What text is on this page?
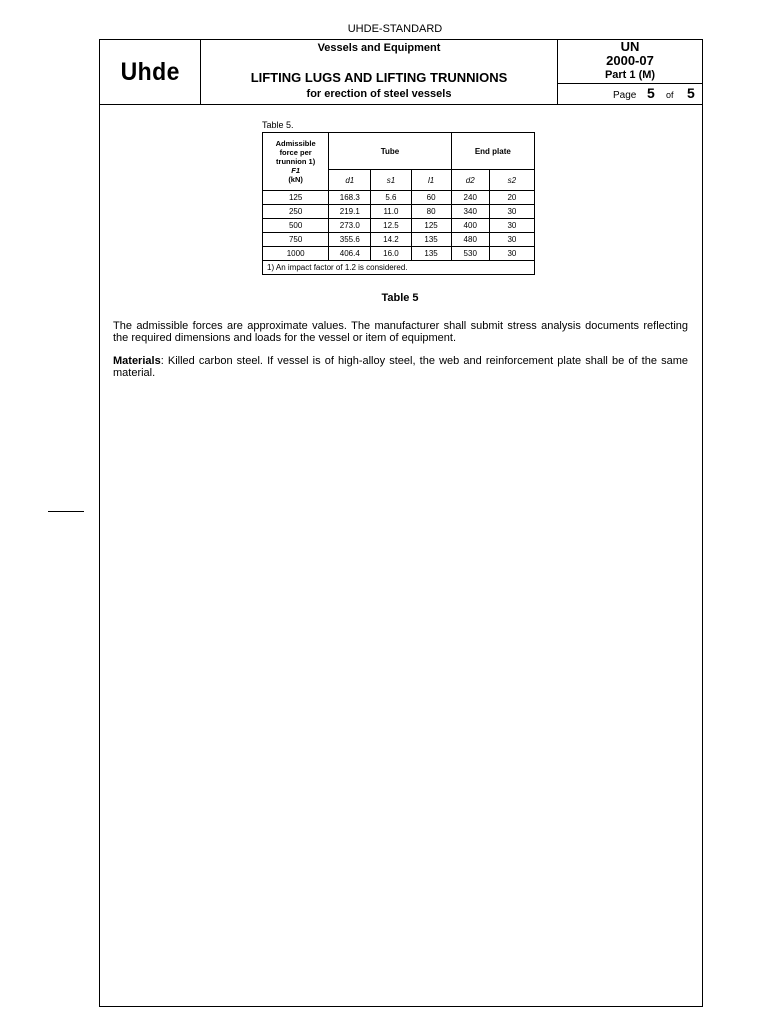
UHDE-STANDARD
Uhde
Vessels and Equipment
LIFTING LUGS AND LIFTING TRUNNIONS
for erection of steel vessels
UN
2000-07
Part 1 (M)
Page 5 of 5
Table 5.
Admissible
force per
trunnion 1)
F1
(kN)	Tube			End plate	
	d1	s1	l1	d2	s2
125	168.3	5.6	60	240	20
250	219.1	11.0	80	340	30
500	273.0	12.5	125	400	30
750	355.6	14.2	135	480	30
1000	406.4	16.0	135	530	30
1) An impact factor of 1.2 is considered.					
Table 5
The admissible forces are approximate values. The manufacturer shall submit stress analysis documents reflecting the required dimensions and loads for the vessel or item of equipment.
Materials: Killed carbon steel. If vessel is of high-alloy steel, the web and reinforcement plate shall be of the same material.
